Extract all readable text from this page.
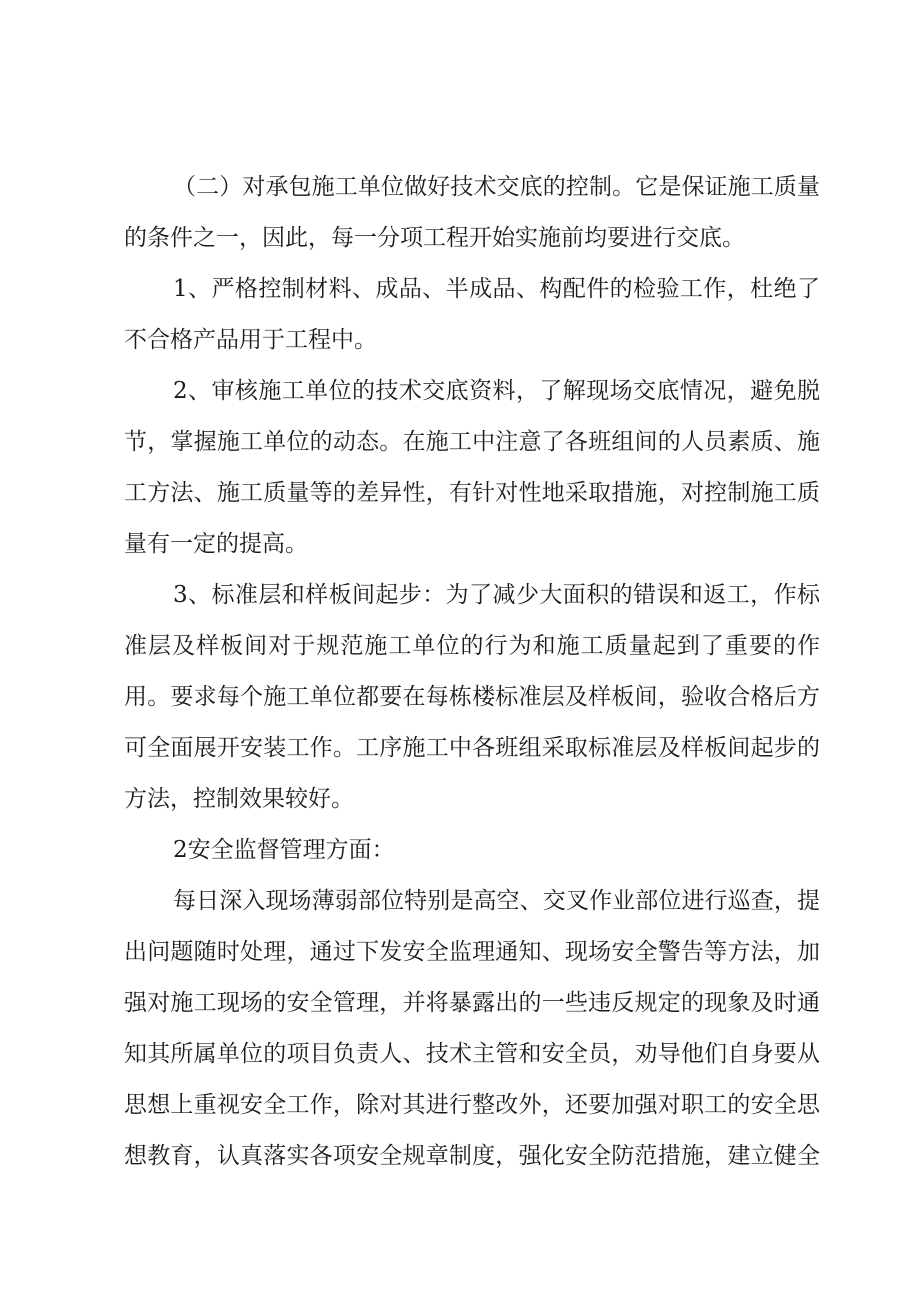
（二）对承包施工单位做好技术交底的控制。它是保证施工质量
的条件之一，因此，每一分项工程开始实施前均要进行交底。
1、严格控制材料、成品、半成品、构配件的检验工作，杜绝了
不合格产品用于工程中。
2、审核施工单位的技术交底资料，了解现场交底情况，避免脱
节，掌握施工单位的动态。在施工中注意了各班组间的人员素质、施
工方法、施工质量等的差异性，有针对性地采取措施，对控制施工质
量有一定的提高。
3、标准层和样板间起步：为了减少大面积的错误和返工，作标
准层及样板间对于规范施工单位的行为和施工质量起到了重要的作
用。要求每个施工单位都要在每栋楼标准层及样板间，验收合格后方
可全面展开安装工作。工序施工中各班组采取标准层及样板间起步的
方法，控制效果较好。
2安全监督管理方面：
每日深入现场薄弱部位特别是高空、交叉作业部位进行巡查，提
出问题随时处理，通过下发安全监理通知、现场安全警告等方法，加
强对施工现场的安全管理，并将暴露出的一些违反规定的现象及时通
知其所属单位的项目负责人、技术主管和安全员，劝导他们自身要从
思想上重视安全工作，除对其进行整改外，还要加强对职工的安全思
想教育，认真落实各项安全规章制度，强化安全防范措施，建立健全
